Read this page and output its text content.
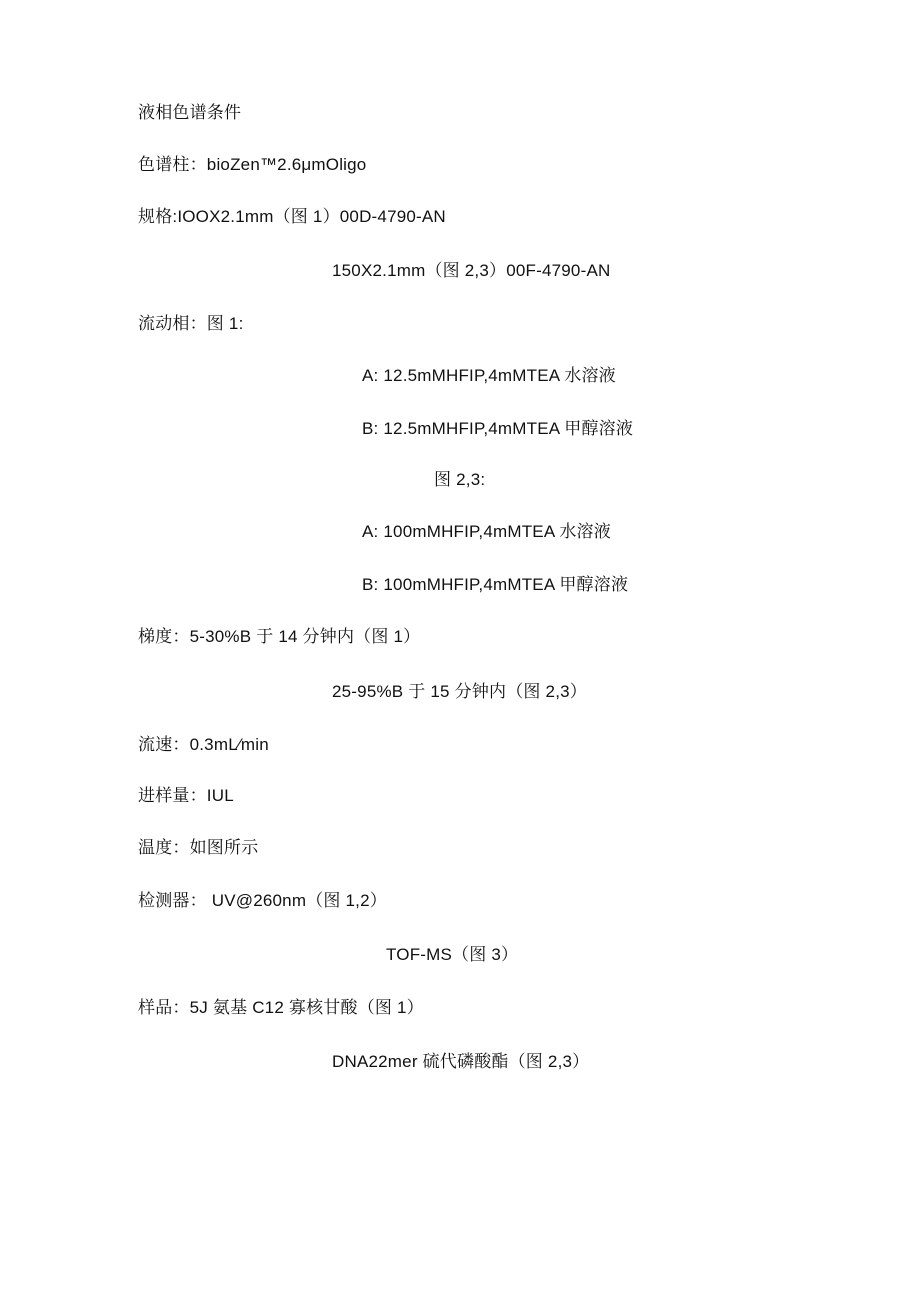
液相色谱条件
色谱柱：bioZen™2.6μmOligo
规格:IOOX2.1mm（图 1）00D-4790-AN
150X2.1mm（图 2,3）00F-4790-AN
流动相：图 1:
A: 12.5mMHFIP,4mMTEA 水溶液
B: 12.5mMHFIP,4mMTEA 甲醇溶液
图 2,3:
A: 100mMHFIP,4mMTEA 水溶液
B: 100mMHFIP,4mMTEA 甲醇溶液
梯度：5-30%B 于 14 分钟内（图 1）
25-95%B 于 15 分钟内（图 2,3）
流速：0.3mL⁄min
进样量：IUL
温度：如图所示
检测器： UV@260nm（图 1,2）
TOF-MS（图 3）
样品：5J 氨基 C12 寡核甘酸（图 1）
DNA22mer 硫代磷酸酯（图 2,3）
